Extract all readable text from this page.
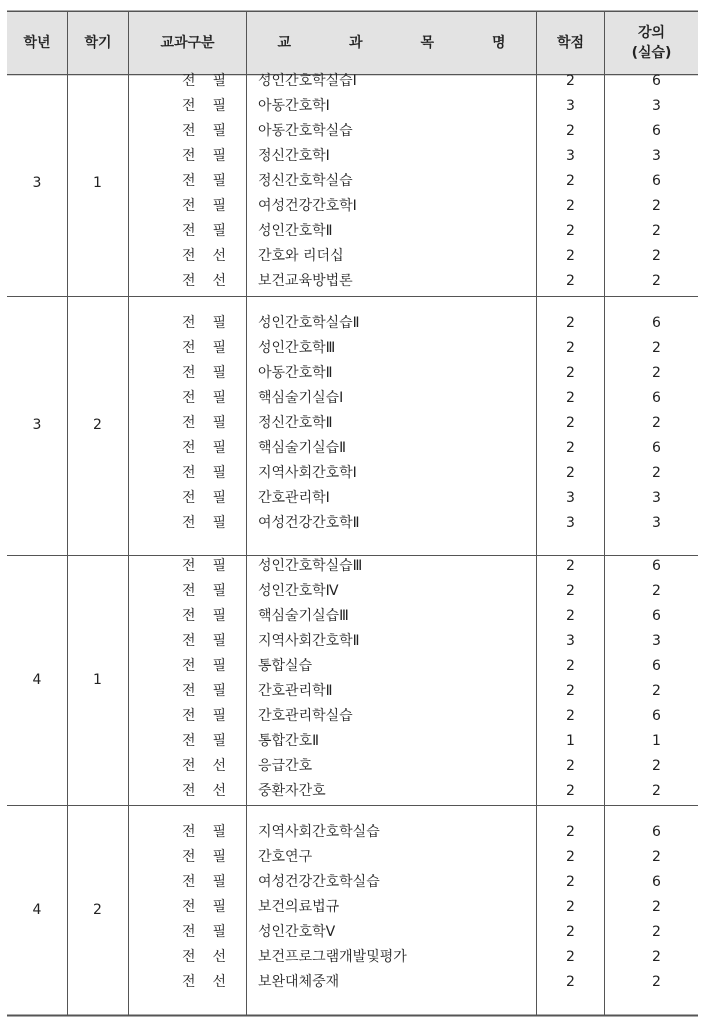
학년 학기	교과구분	교	과	목	명	학점
강의
(실습)
3	1
전필 성인간호학실습Ⅰ	2	6
전필 아동간호학Ⅰ	3	3
전필 아동간호학실습	2	6
전필 정신간호학Ⅰ	3	3
전필 정신간호학실습	2	6
전필 여성건강간호학Ⅰ	2	2
전필 성인간호학Ⅱ	2	2
전선 간호와 리더십	2	2
전선 보건교육방법론	2	2
3	2
전필 성인간호학실습Ⅱ	2	6
전필 성인간호학Ⅲ	2	2
전필 아동간호학Ⅱ	2	2
전필 핵심술기실습Ⅰ	2	6
전필 정신간호학Ⅱ	2	2
전필 핵심술기실습Ⅱ	2	6
전필 지역사회간호학Ⅰ	2	2
전필 간호관리학Ⅰ	3	3
전필 여성건강간호학Ⅱ	3	3
4	1
전필 성인간호학실습Ⅲ	2	6
전필 성인간호학Ⅳ	2	2
전필 핵심술기실습Ⅲ	2	6
전필 지역사회간호학Ⅱ	3	3
전필 통합실습	2	6
전필 간호관리학Ⅱ	2	2
전필 간호관리학실습	2	6
전필 통합간호Ⅱ	1	1
전선 응급간호	2	2
전선 중환자간호	2	2
4	2
전필 지역사회간호학실습	2	6
전필 간호연구	2	2
전필 여성건강간호학실습	2	6
전필 보건의료법규	2	2
전필 성인간호학Ⅴ	2	2
전선 보건프로그램개발및평가	2	2
전선 보완대체중재	2	2
